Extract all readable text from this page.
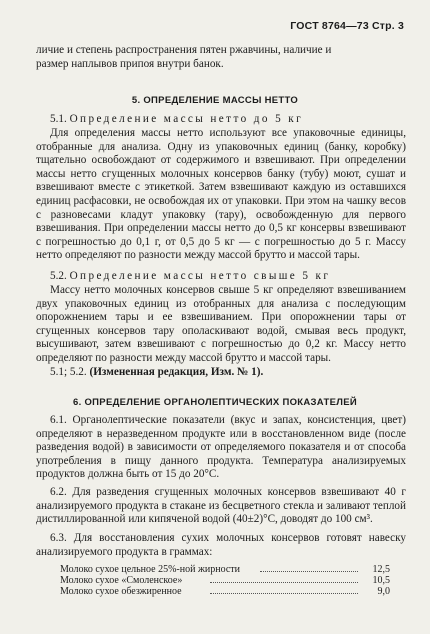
ГОСТ 8764—73 Стр. 3

личие и степень распространения пятен ржавчины, наличие и

размер наплывов припоя внутри банок.

5. ОПРЕДЕЛЕНИЕ МАССЫ НЕТТО

5.1. Определение массы нетто до 5 кг

Для определения массы нетто используют все упаковочные единицы, отобранные для анализа. Одну из упаковочных единиц (банку, коробку) тщательно освобождают от содержимого и взвешивают. При определении массы нетто сгущенных молочных консервов банку (тубу) моют, сушат и взвешивают вместе с этикеткой. Затем взвешивают каждую из оставшихся единиц расфасовки, не освобождая их от упаковки. При этом на чашку весов с разновесами кладут упаковку (тару), освобожденную для первого взвешивания. При определении массы нетто до 0,5 кг консервы взвешивают с погрешностью до 0,1 г, от 0,5 до 5 кг — с погрешностью до 5 г. Массу нетто определяют по разности между массой брутто и массой тары.

5.2. Определение массы нетто свыше 5 кг

Массу нетто молочных консервов свыше 5 кг определяют взвешиванием двух упаковочных единиц из отобранных для анализа с последующим опорожнением тары и ее взвешиванием. При опорожнении тары от сгущенных консервов тару ополаскивают водой, смывая весь продукт, высушивают, затем взвешивают с погрешностью до 0,2 кг. Массу нетто определяют по разности между массой брутто и массой тары.

5.1; 5.2. (Измененная редакция, Изм. № 1).

6. ОПРЕДЕЛЕНИЕ ОРГАНОЛЕПТИЧЕСКИХ ПОКАЗАТЕЛЕЙ

6.1. Органолептические показатели (вкус и запах, консистенция, цвет) определяют в неразведенном продукте или в восстановленном виде (после разведения водой) в зависимости от определяемого показателя и от способа употребления в пищу данного продукта. Температура анализируемых продуктов должна быть от 15 до 20°С.

6.2. Для разведения сгущенных молочных консервов взвешивают 40 г анализируемого продукта в стакане из бесцветного стекла и заливают теплой дистиллированной или кипяченой водой (40±2)°С, доводят до 100 см³.

6.3. Для восстановления сухих молочных консервов готовят навеску анализируемого продукта в граммах:

Молоко сухое цельное 25%-ной жирности	12,5
Молоко сухое «Смоленское»	10,5
Молоко сухое обезжиренное	9,0
